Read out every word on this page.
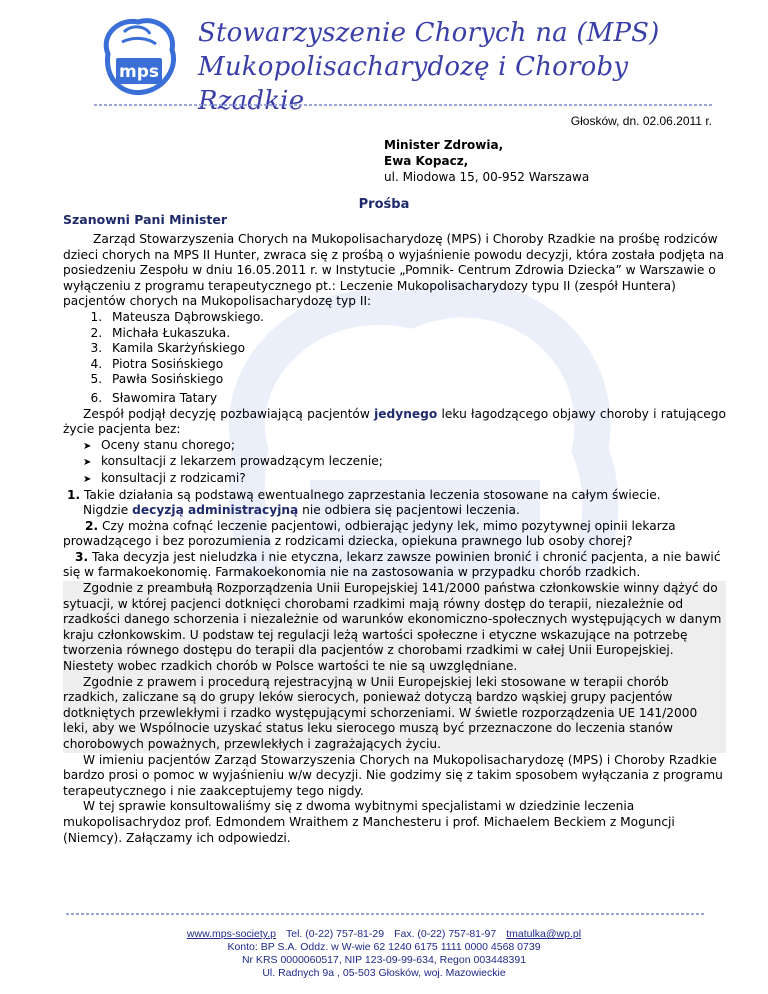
mps
Stowarzyszenie Chorych na (MPS)
Mukopolisacharydozę i Choroby Rzadkie
Głosków, dn. 02.06.2011 r.
Minister Zdrowia,
Ewa Kopacz,
ul. Miodowa 15, 00-952 Warszawa
Prośba
Szanowni Pani Minister

Zarząd Stowarzyszenia Chorych na Mukopolisacharydozę (MPS) i Choroby Rzadkie na prośbę rodziców dzieci chorych na MPS II Hunter, zwraca się z prośbą o wyjaśnienie powodu decyzji, która została podjęta na posiedzeniu Zespołu w dniu 16.05.2011 r. w Instytucie „Pomnik- Centrum Zdrowia Dziecka” w Warszawie o wyłączeniu z programu terapeutycznego pt.: Leczenie Mukopolisacharydozy typu II (zespół Huntera) pacjentów chorych na Mukopolisacharydozę typ II:

1. Mateusza Dąbrowskiego.
2. Michała Łukaszuka.
3. Kamila Skarżyńskiego
4. Piotra Sosińskiego
5. Pawła Sosińskiego
6. Sławomira Tatary

Zespół podjął decyzję pozbawiającą pacjentów jedynego leku łagodzącego objawy choroby i ratującego życie pacjenta bez:

➤ Oceny stanu chorego;
➤ konsultacji z lekarzem prowadzącym leczenie;
➤ konsultacji z rodzicami?

1. Takie działania są podstawą ewentualnego zaprzestania leczenia stosowane na całym świecie.

Nigdzie decyzją administracyjną nie odbiera się pacjentowi leczenia.

2. Czy można cofnąć leczenie pacjentowi, odbierając jedyny lek, mimo pozytywnej opinii lekarza prowadzącego i bez porozumienia z rodzicami dziecka, opiekuna prawnego lub osoby chorej?

3. Taka decyzja jest nieludzka i nie etyczna, lekarz zawsze powinien bronić i chronić pacjenta, a nie bawić się w farmakoekonomię. Farmakoekonomia nie na zastosowania w przypadku chorób rzadkich.

Zgodnie z preambułą Rozporządzenia Unii Europejskiej 141/2000 państwa członkowskie winny dążyć do sytuacji, w której pacjenci dotknięci chorobami rzadkimi mają równy dostęp do terapii, niezależnie od rzadkości danego schorzenia i niezależnie od warunków ekonomiczno-społecznych występujących w danym kraju członkowskim. U podstaw tej regulacji leżą wartości społeczne i etyczne wskazujące na potrzebę tworzenia równego dostępu do terapii dla pacjentów z chorobami rzadkimi w całej Unii Europejskiej. Niestety wobec rzadkich chorób w Polsce wartości te nie są uwzględniane.

Zgodnie z prawem i procedurą rejestracyjną w Unii Europejskiej leki stosowane w terapii chorób rzadkich, zaliczane są do grupy leków sierocych, ponieważ dotyczą bardzo wąskiej grupy pacjentów dotkniętych przewlekłymi i rzadko występującymi schorzeniami. W świetle rozporządzenia UE 141/2000 leki, aby we Wspólnocie uzyskać status leku sierocego muszą być przeznaczone do leczenia stanów chorobowych poważnych, przewlekłych i zagrażających życiu.

W imieniu pacjentów Zarząd Stowarzyszenia Chorych na Mukopolisacharydozę (MPS) i Choroby Rzadkie bardzo prosi o pomoc w wyjaśnieniu w/w decyzji. Nie godzimy się z takim sposobem wyłączania z programu terapeutycznego i nie zaakceptujemy tego nigdy.

W tej sprawie konsultowaliśmy się z dwoma wybitnymi specjalistami w dziedzinie leczenia mukopolisachrydoz prof. Edmondem Wraithem z Manchesteru i prof. Michaelem Beckiem z Moguncji (Niemcy). Załączamy ich odpowiedzi.

www.mps-society.p Tel. (0-22) 757-81-29 Fax. (0-22) 757-81-97 tmatulka@wp.pl
Konto: BP S.A. Oddz. w W-wie 62 1240 6175 1111 0000 4568 0739
Nr KRS 0000060517, NIP 123-09-99-634, Regon 003448391
Ul. Radnych 9a , 05-503 Głosków, woj. Mazowieckie
